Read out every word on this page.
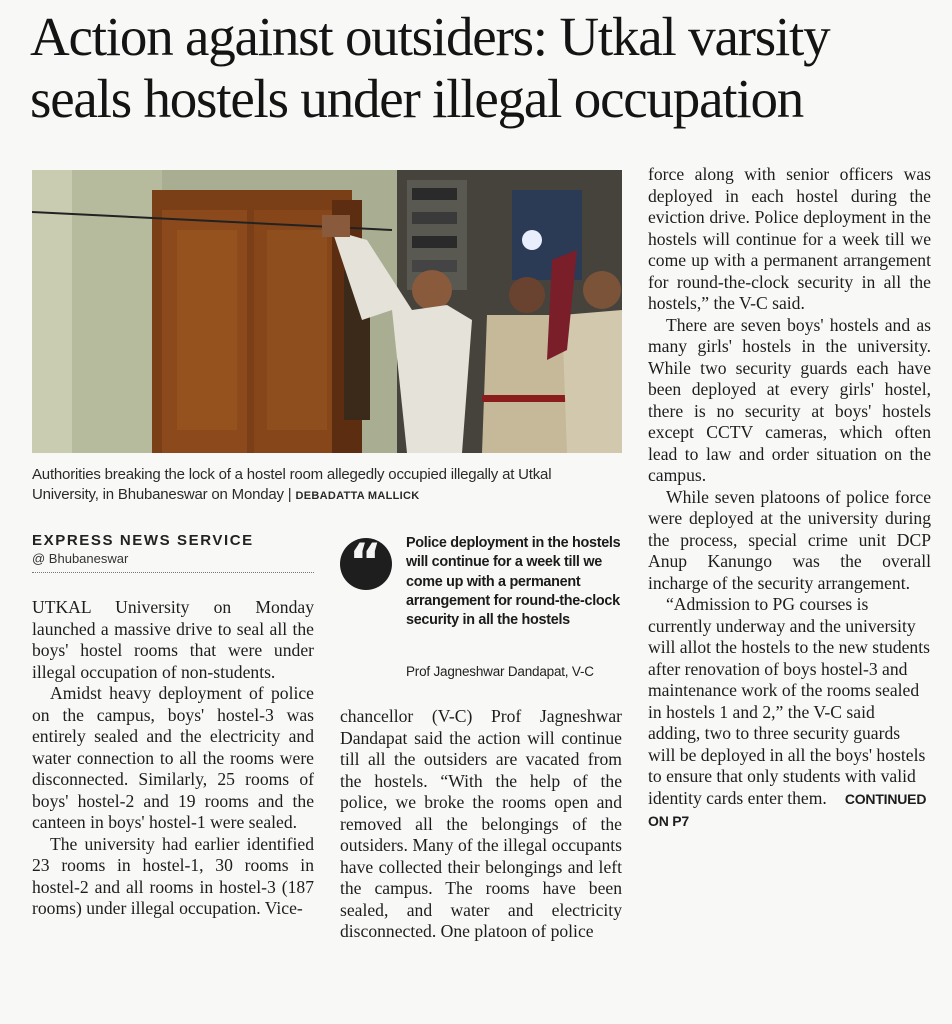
Action against outsiders: Utkal varsity
seals hostels under illegal occupation
Authorities breaking the lock of a hostel room allegedly occupied illegally at Utkal
University, in Bhubaneswar on Monday | DEBADATTA MALLICK
EXPRESS NEWS SERVICE
@ Bhubaneswar

UTKAL University on Monday launched a massive drive to seal all the boys' hostel rooms that were under illegal occupation of non-students.

Amidst heavy deployment of police on the campus, boys' hostel-3 was entirely sealed and the electricity and water connection to all the rooms were disconnected. Similarly, 25 rooms of boys' hostel-2 and 19 rooms and the canteen in boys' hostel-1 were sealed.

The university had earlier identified 23 rooms in hostel-1, 30 rooms in hostel-2 and all rooms in hostel-3 (187 rooms) under illegal occupation. Vice-

“ Police deployment in the hostels will continue for a week till we come up with a permanent arrangement for round-the-clock security in all the hostels
Prof Jagneshwar Dandapat, V-C

chancellor (V-C) Prof Jagneshwar Dandapat said the action will continue till all the outsiders are vacated from the hostels. “With the help of the police, we broke the rooms open and removed all the belongings of the outsiders. Many of the illegal occupants have collected their belongings and left the campus. The rooms have been sealed, and water and electricity disconnected. One platoon of police

force along with senior officers was deployed in each hostel during the eviction drive. Police deployment in the hostels will continue for a week till we come up with a permanent arrangement for round-the-clock security in all the hostels,” the V-C said.

There are seven boys' hostels and as many girls' hostels in the university. While two security guards each have been deployed at every girls' hostel, there is no security at boys' hostels except CCTV cameras, which often lead to law and order situation on the campus.

While seven platoons of police force were deployed at the university during the process, special crime unit DCP Anup Kanungo was the overall incharge of the security arrangement.

“Admission to PG courses is currently underway and the university will allot the hostels to the new students after renovation of boys hostel-3 and maintenance work of the rooms sealed in hostels 1 and 2,” the V-C said adding, two to three security guards will be deployed in all the boys' hostels to ensure that only students with valid identity cards enter them. CONTINUED ON P7
